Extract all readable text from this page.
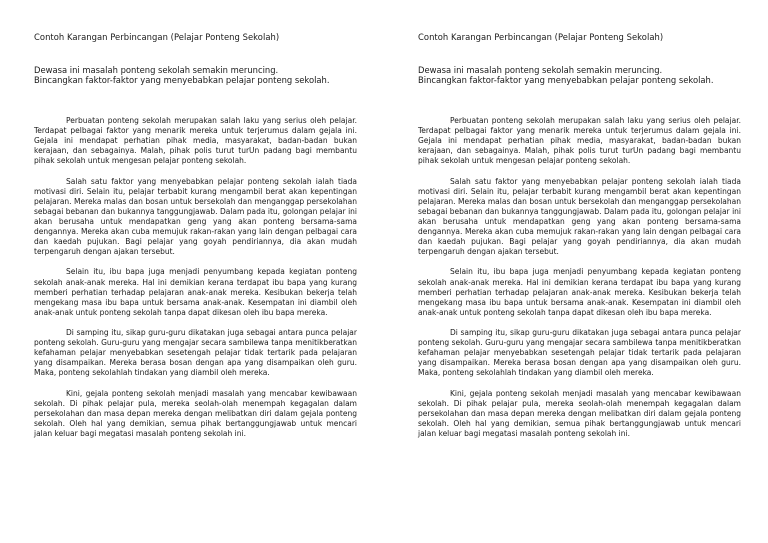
Contoh Karangan Perbincangan (Pelajar Ponteng Sekolah)
Dewasa ini masalah ponteng sekolah semakin meruncing.
Bincangkan faktor-faktor yang menyebabkan pelajar ponteng sekolah.

Perbuatan ponteng sekolah merupakan salah laku yang serius oleh pelajar. Terdapat pelbagai faktor yang menarik mereka untuk terjerumus dalam gejala ini. Gejala ini mendapat perhatian pihak media, masyarakat, badan-badan bukan kerajaan, dan sebagainya. Malah, pihak polis turut turUn padang bagi membantu pihak sekolah untuk mengesan pelajar ponteng sekolah.

Salah satu faktor yang menyebabkan pelajar ponteng sekolah ialah tiada motivasi diri. Selain itu, pelajar terbabit kurang mengambil berat akan kepentingan pelajaran. Mereka malas dan bosan untuk bersekolah dan menganggap persekolahan sebagai bebanan dan bukannya tanggungjawab. Dalam pada itu, golongan pelajar ini akan berusaha untuk mendapatkan geng yang akan ponteng bersama-sama dengannya. Mereka akan cuba memujuk rakan-rakan yang lain dengan pelbagai cara dan kaedah pujukan. Bagi pelajar yang goyah pendiriannya, dia akan mudah terpengaruh dengan ajakan tersebut.

Selain itu, ibu bapa juga menjadi penyumbang kepada kegiatan ponteng sekolah anak-anak mereka. Hal ini demikian kerana terdapat ibu bapa yang kurang memberi perhatian terhadap pelajaran anak-anak mereka. Kesibukan bekerja telah mengekang masa ibu bapa untuk bersama anak-anak. Kesempatan ini diambil oleh anak-anak untuk ponteng sekolah tanpa dapat dikesan oleh ibu bapa mereka.

Di samping itu, sikap guru-guru dikatakan juga sebagai antara punca pelajar ponteng sekolah. Guru-guru yang mengajar secara sambilewa tanpa menitikberatkan kefahaman pelajar menyebabkan sesetengah pelajar tidak tertarik pada pelajaran yang disampaikan. Mereka berasa bosan dengan apa yang disampaikan oleh guru. Maka, ponteng sekolahlah tindakan yang diambil oleh mereka.

Kini, gejala ponteng sekolah menjadi masalah yang mencabar kewibawaan sekolah. Di pihak pelajar pula, mereka seolah-olah menempah kegagalan dalam persekolahan dan masa depan mereka dengan melibatkan diri dalam gejala ponteng sekolah. Oleh hal yang demikian, semua pihak bertanggungjawab untuk mencari jalan keluar bagi megatasi masalah ponteng sekolah ini.

Contoh Karangan Perbincangan (Pelajar Ponteng Sekolah)
Dewasa ini masalah ponteng sekolah semakin meruncing.
Bincangkan faktor-faktor yang menyebabkan pelajar ponteng sekolah.

Perbuatan ponteng sekolah merupakan salah laku yang serius oleh pelajar. Terdapat pelbagai faktor yang menarik mereka untuk terjerumus dalam gejala ini. Gejala ini mendapat perhatian pihak media, masyarakat, badan-badan bukan kerajaan, dan sebagainya. Malah, pihak polis turut turUn padang bagi membantu pihak sekolah untuk mengesan pelajar ponteng sekolah.

Salah satu faktor yang menyebabkan pelajar ponteng sekolah ialah tiada motivasi diri. Selain itu, pelajar terbabit kurang mengambil berat akan kepentingan pelajaran. Mereka malas dan bosan untuk bersekolah dan menganggap persekolahan sebagai bebanan dan bukannya tanggungjawab. Dalam pada itu, golongan pelajar ini akan berusaha untuk mendapatkan geng yang akan ponteng bersama-sama dengannya. Mereka akan cuba memujuk rakan-rakan yang lain dengan pelbagai cara dan kaedah pujukan. Bagi pelajar yang goyah pendiriannya, dia akan mudah terpengaruh dengan ajakan tersebut.

Selain itu, ibu bapa juga menjadi penyumbang kepada kegiatan ponteng sekolah anak-anak mereka. Hal ini demikian kerana terdapat ibu bapa yang kurang memberi perhatian terhadap pelajaran anak-anak mereka. Kesibukan bekerja telah mengekang masa ibu bapa untuk bersama anak-anak. Kesempatan ini diambil oleh anak-anak untuk ponteng sekolah tanpa dapat dikesan oleh ibu bapa mereka.

Di samping itu, sikap guru-guru dikatakan juga sebagai antara punca pelajar ponteng sekolah. Guru-guru yang mengajar secara sambilewa tanpa menitikberatkan kefahaman pelajar menyebabkan sesetengah pelajar tidak tertarik pada pelajaran yang disampaikan. Mereka berasa bosan dengan apa yang disampaikan oleh guru. Maka, ponteng sekolahlah tindakan yang diambil oleh mereka.

Kini, gejala ponteng sekolah menjadi masalah yang mencabar kewibawaan sekolah. Di pihak pelajar pula, mereka seolah-olah menempah kegagalan dalam persekolahan dan masa depan mereka dengan melibatkan diri dalam gejala ponteng sekolah. Oleh hal yang demikian, semua pihak bertanggungjawab untuk mencari jalan keluar bagi megatasi masalah ponteng sekolah ini.
